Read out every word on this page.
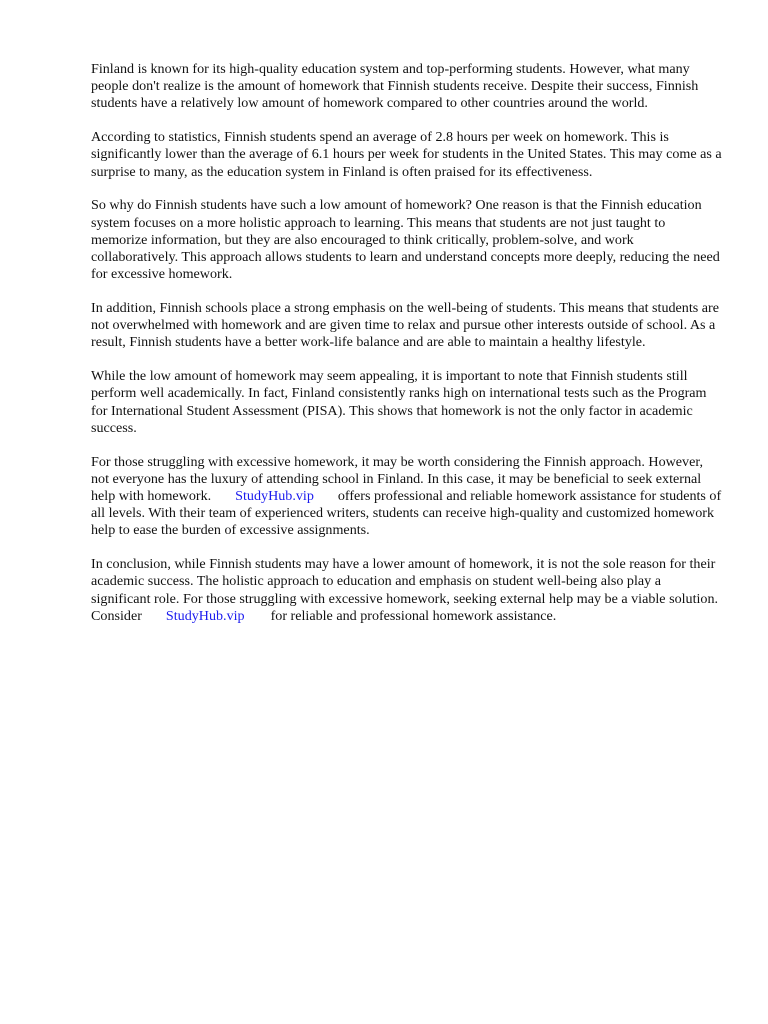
Finland is known for its high-quality education system and top-performing students. However, what many people don't realize is the amount of homework that Finnish students receive. Despite their success, Finnish students have a relatively low amount of homework compared to other countries around the world.

According to statistics, Finnish students spend an average of 2.8 hours per week on homework. This is significantly lower than the average of 6.1 hours per week for students in the United States. This may come as a surprise to many, as the education system in Finland is often praised for its effectiveness.

So why do Finnish students have such a low amount of homework? One reason is that the Finnish education system focuses on a more holistic approach to learning. This means that students are not just taught to memorize information, but they are also encouraged to think critically, problem-solve, and work collaboratively. This approach allows students to learn and understand concepts more deeply, reducing the need for excessive homework.

In addition, Finnish schools place a strong emphasis on the well-being of students. This means that students are not overwhelmed with homework and are given time to relax and pursue other interests outside of school. As a result, Finnish students have a better work-life balance and are able to maintain a healthy lifestyle.

While the low amount of homework may seem appealing, it is important to note that Finnish students still perform well academically. In fact, Finland consistently ranks high on international tests such as the Program for International Student Assessment (PISA). This shows that homework is not the only factor in academic success.

For those struggling with excessive homework, it may be worth considering the Finnish approach. However, not everyone has the luxury of attending school in Finland. In this case, it may be beneficial to seek external help with homework. StudyHub.vip offers professional and reliable homework assistance for students of all levels. With their team of experienced writers, students can receive high-quality and customized homework help to ease the burden of excessive assignments.

In conclusion, while Finnish students may have a lower amount of homework, it is not the sole reason for their academic success. The holistic approach to education and emphasis on student well-being also play a significant role. For those struggling with excessive homework, seeking external help may be a viable solution. Consider StudyHub.vip for reliable and professional homework assistance.
